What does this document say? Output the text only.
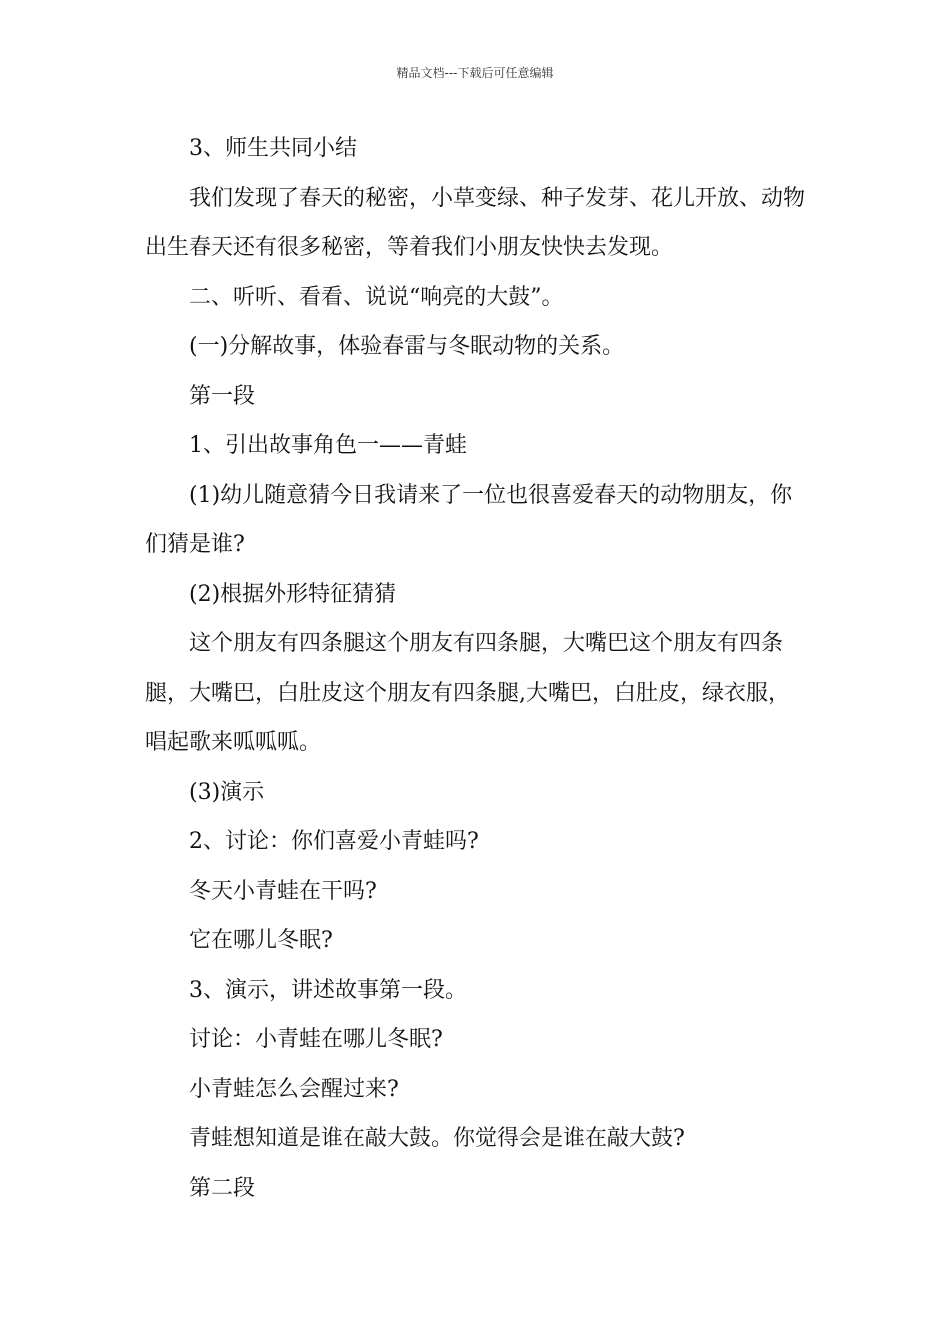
精品文档---下载后可任意编辑

3、师生共同小结

我们发现了春天的秘密，小草变绿、种子发芽、花儿开放、动物出生春天还有很多秘密，等着我们小朋友快快去发现。

二、听听、看看、说说“响亮的大鼓”。

(一)分解故事，体验春雷与冬眠动物的关系。

第一段

1、引出故事角色一——青蛙

(1)幼儿随意猜今日我请来了一位也很喜爱春天的动物朋友，你们猜是谁?

(2)根据外形特征猜猜

这个朋友有四条腿这个朋友有四条腿，大嘴巴这个朋友有四条腿，大嘴巴，白肚皮这个朋友有四条腿,大嘴巴，白肚皮，绿衣服，唱起歌来呱呱呱。

(3)演示

2、讨论：你们喜爱小青蛙吗?

冬天小青蛙在干吗?

它在哪儿冬眠?

3、演示，讲述故事第一段。

讨论：小青蛙在哪儿冬眠?

小青蛙怎么会醒过来?

青蛙想知道是谁在敲大鼓。你觉得会是谁在敲大鼓?

第二段
